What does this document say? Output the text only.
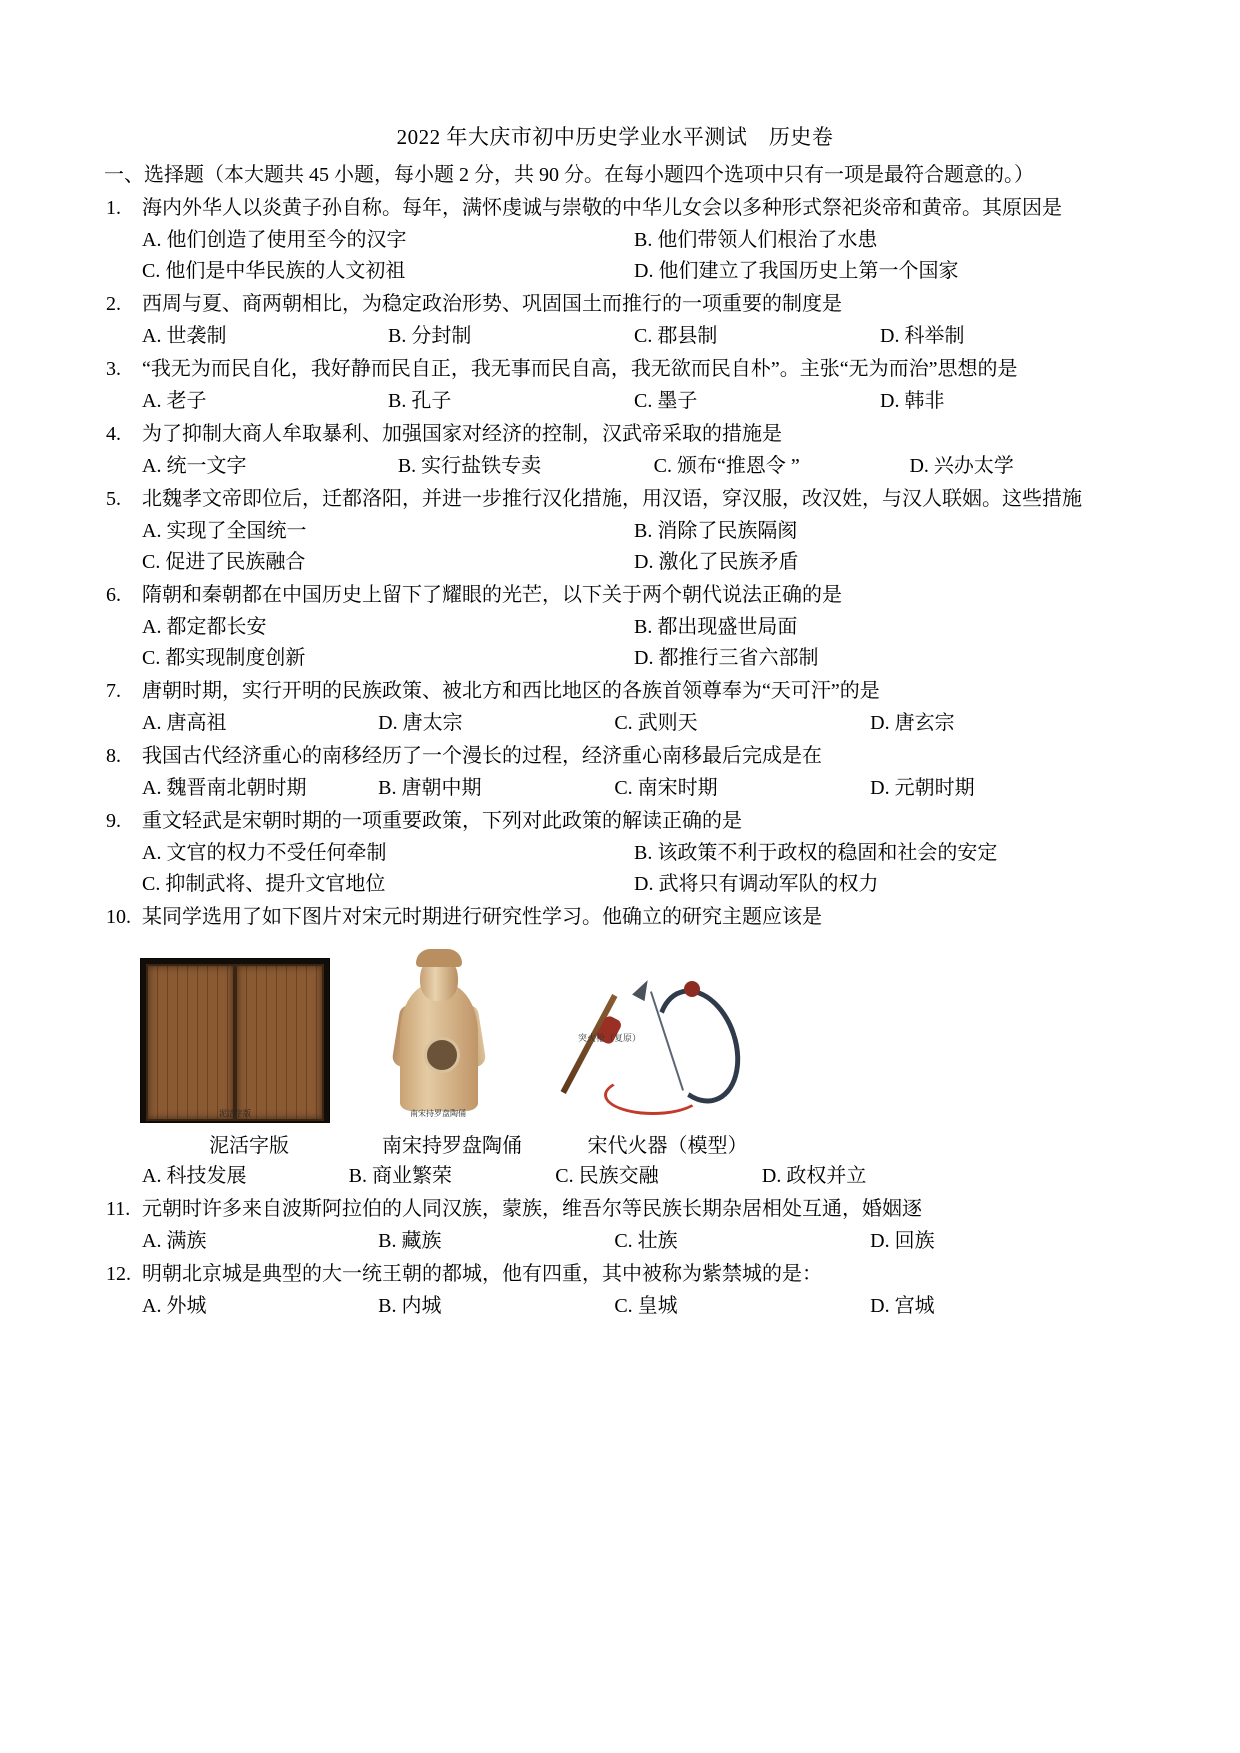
2022 年大庆市初中历史学业水平测试　历史卷
一、选择题（本大题共 45 小题，每小题 2 分，共 90 分。在每小题四个选项中只有一项是最符合题意的。）
1.	海内外华人以炎黄子孙自称。每年，满怀虔诚与崇敬的中华儿女会以多种形式祭祀炎帝和黄帝。其原因是
A. 他们创造了使用至今的汉字	B. 他们带领人们根治了水患
C. 他们是中华民族的人文初祖	D. 他们建立了我国历史上第一个国家
2.	西周与夏、商两朝相比，为稳定政治形势、巩固国土而推行的一项重要的制度是
A. 世袭制	B. 分封制	C. 郡县制	D. 科举制
3.	“我无为而民自化，我好静而民自正，我无事而民自高，我无欲而民自朴”。主张“无为而治”思想的是
A. 老子	B. 孔子	C. 墨子	D. 韩非
4.	为了抑制大商人牟取暴利、加强国家对经济的控制，汉武帝采取的措施是
A. 统一文字	B. 实行盐铁专卖	C. 颁布“推恩令 ”	D. 兴办太学
5.	北魏孝文帝即位后，迁都洛阳，并进一步推行汉化措施，用汉语，穿汉服，改汉姓，与汉人联姻。这些措施
A. 实现了全国统一	B. 消除了民族隔阂
C. 促进了民族融合	D. 激化了民族矛盾
6.	隋朝和秦朝都在中国历史上留下了耀眼的光芒，以下关于两个朝代说法正确的是
A. 都定都长安	B. 都出现盛世局面
C. 都实现制度创新	D. 都推行三省六部制
7.	唐朝时期，实行开明的民族政策、被北方和西比地区的各族首领尊奉为“天可汗”的是
A. 唐高祖	D. 唐太宗	C. 武则天	D. 唐玄宗
8.	我国古代经济重心的南移经历了一个漫长的过程，经济重心南移最后完成是在
A. 魏晋南北朝时期	B. 唐朝中期	C. 南宋时期	D. 元朝时期
9.	重文轻武是宋朝时期的一项重要政策，下列对此政策的解读正确的是
A. 文官的权力不受任何牵制	B. 该政策不利于政权的稳固和社会的安定
C. 抑制武将、提升文官地位	D. 武将只有调动军队的权力
10. 某同学选用了如下图片对宋元时期进行研究性学习。他确立的研究主题应该是
泥活字版	南宋持罗盘陶俑
突火枪（复原）
泥活字版	南宋持罗盘陶俑	宋代火器（模型）
A. 科技发展	B. 商业繁荣	C. 民族交融	D. 政权并立
11. 元朝时许多来自波斯阿拉伯的人同汉族，蒙族，维吾尔等民族长期杂居相处互通，婚姻逐
A. 满族	B. 藏族	C. 壮族	D. 回族
12. 明朝北京城是典型的大一统王朝的都城，他有四重，其中被称为紫禁城的是：
A. 外城	B. 内城	C. 皇城	D. 宫城
